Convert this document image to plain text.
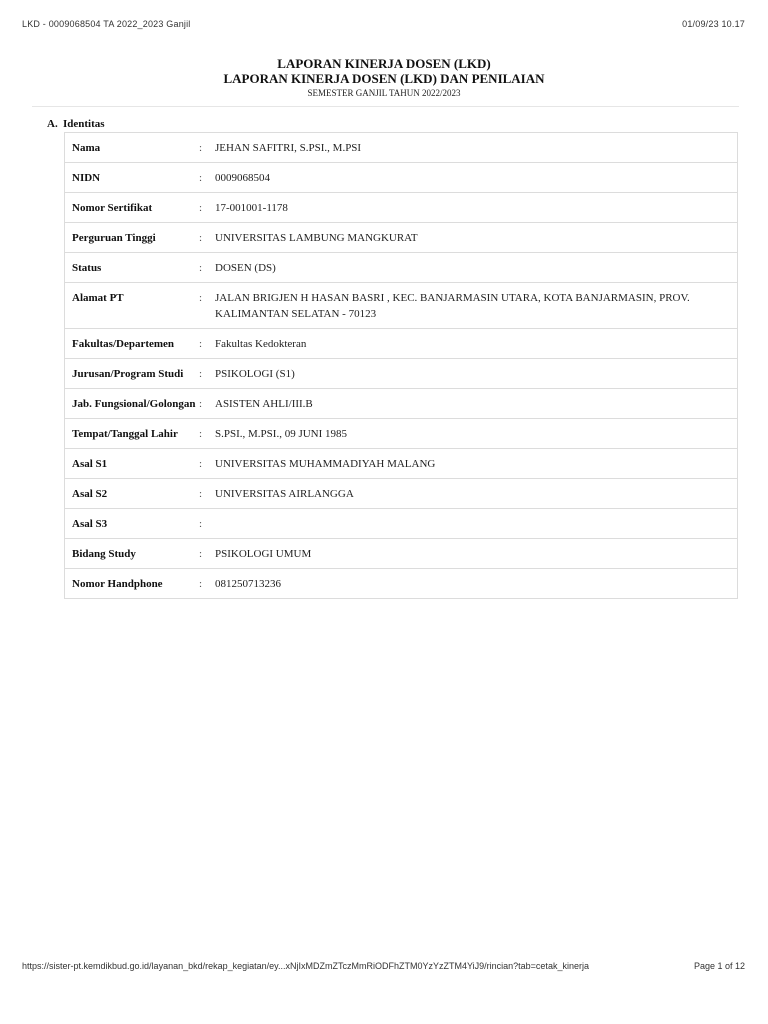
LKD - 0009068504 TA 2022_2023 Ganjil	01/09/23 10.17
LAPORAN KINERJA DOSEN (LKD)
LAPORAN KINERJA DOSEN (LKD) DAN PENILAIAN
SEMESTER GANJIL TAHUN 2022/2023
A. Identitas
Nama	:	JEHAN SAFITRI, S.PSI., M.PSI
NIDN	:	0009068504
Nomor Sertifikat	:	17-001001-1178
Perguruan Tinggi	:	UNIVERSITAS LAMBUNG MANGKURAT
Status	:	DOSEN (DS)
Alamat PT	:	JALAN BRIGJEN H HASAN BASRI , KEC. BANJARMASIN UTARA, KOTA BANJARMASIN, PROV. KALIMANTAN SELATAN - 70123
Fakultas/Departemen	:	Fakultas Kedokteran
Jurusan/Program Studi	:	PSIKOLOGI (S1)
Jab. Fungsional/Golongan	:	ASISTEN AHLI/III.B
Tempat/Tanggal Lahir	:	S.PSI., M.PSI., 09 JUNI 1985
Asal S1	:	UNIVERSITAS MUHAMMADIYAH MALANG
Asal S2	:	UNIVERSITAS AIRLANGGA
Asal S3	:	
Bidang Study	:	PSIKOLOGI UMUM
Nomor Handphone	:	081250713236
https://sister-pt.kemdikbud.go.id/layanan_bkd/rekap_kegiatan/ey...xNjIxMDZmZTczMmRiODFhZTM0YzYzZTM4YiJ9/rincian?tab=cetak_kinerja	Page 1 of 12
